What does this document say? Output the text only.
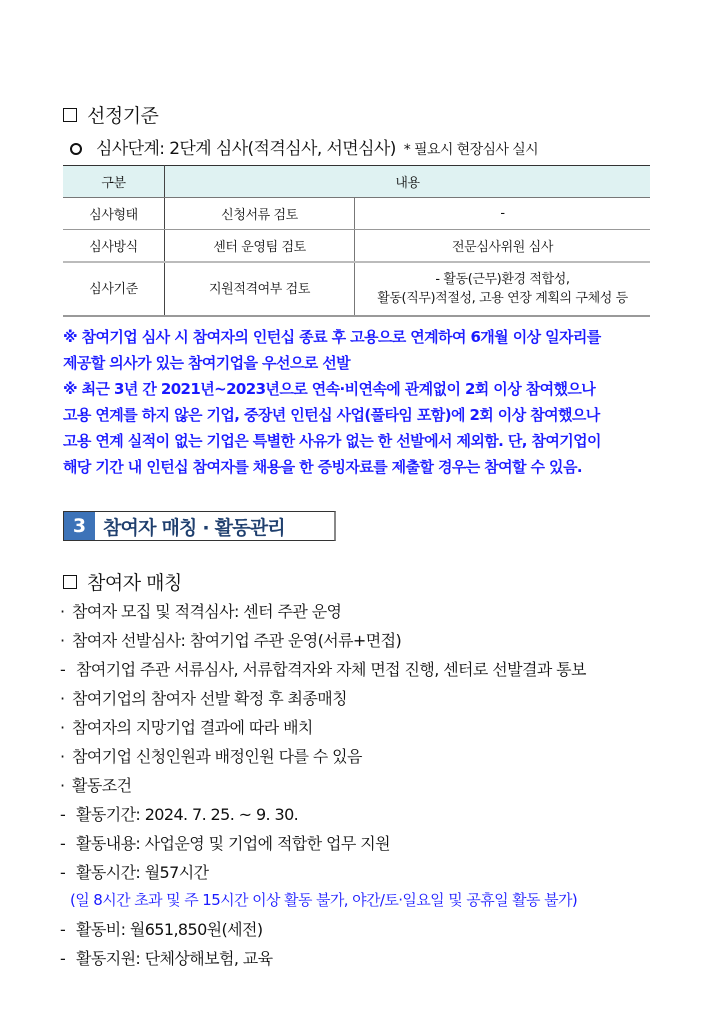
선정기준
심사단계: 2단계 심사(적격심사, 서면심사) * 필요시 현장심사 실시
구분	내용	
심사형태	신청서류 검토	-
심사방식	센터 운영팀 검토	전문심사위원 심사
심사기준	지원적격여부 검토	- 활동(근무)환경 적합성,
활동(직무)적절성, 고용 연장 계획의 구체성 등
※ 참여기업 심사 시 참여자의 인턴십 종료 후 고용으로 연계하여 6개월 이상 일자리를
제공할 의사가 있는 참여기업을 우선으로 선발
※ 최근 3년 간 2021년~2023년으로 연속·비연속에 관계없이 2회 이상 참여했으나
고용 연계를 하지 않은 기업, 중장년 인턴십 사업(풀타임 포함)에 2회 이상 참여했으나
고용 연계 실적이 없는 기업은 특별한 사유가 없는 한 선발에서 제외함. 단, 참여기업이
해당 기간 내 인턴십 참여자를 채용을 한 증빙자료를 제출할 경우는 참여할 수 있음.
3 참여자 매칭 · 활동관리
참여자 매칭
· 참여자 모집 및 적격심사: 센터 주관 운영
· 참여자 선발심사: 참여기업 주관 운영(서류+면접)
- 참여기업 주관 서류심사, 서류합격자와 자체 면접 진행, 센터로 선발결과 통보
· 참여기업의 참여자 선발 확정 후 최종매칭
· 참여자의 지망기업 결과에 따라 배치
· 참여기업 신청인원과 배정인원 다를 수 있음
· 활동조건
- 활동기간: 2024. 7. 25. ~ 9. 30.
- 활동내용: 사업운영 및 기업에 적합한 업무 지원
- 활동시간: 월57시간
(일 8시간 초과 및 주 15시간 이상 활동 불가, 야간/토·일요일 및 공휴일 활동 불가)
- 활동비: 월651,850원(세전)
- 활동지원: 단체상해보험, 교육
